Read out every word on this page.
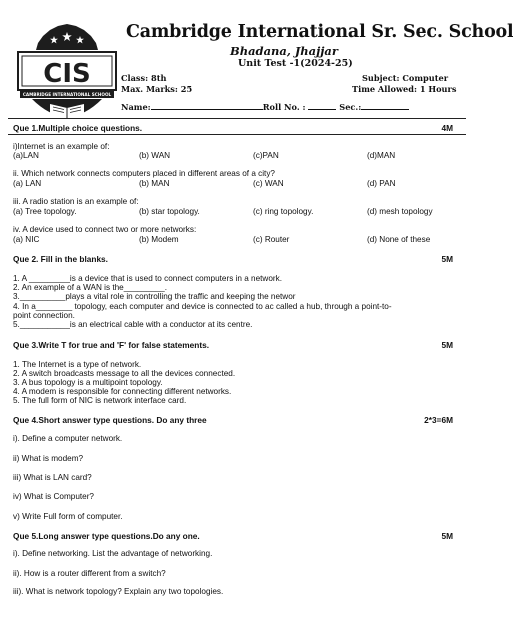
CIS
CAMBRIDGE INTERNATIONAL SCHOOL
Cambridge International Sr. Sec. School
Bhadana, Jhajjar
Unit Test -1(2024-25)
Class: 8th
Max. Marks: 25
Subject: Computer
Time Allowed: 1 Hours
Name:	Roll No. :	Sec.:
Que 1.Multiple choice questions.	4M
i)Internet is an example of:
(a)LAN	(b) WAN	(c)PAN	(d)MAN
ii. Which network connects computers placed in different areas of a city?
(a) LAN	(b) MAN	(c) WAN	(d) PAN
iii. A radio station is an example of:
(a) Tree topology.	(b) star topology.	(c) ring topology.	(d) mesh topology
iv. A device used to connect two or more networks:
(a) NIC	(b) Modem	(c) Router	(d) None of these
Que 2. Fill in the blanks.	5M
1. A _________is a device that is used to connect computers in a network.
2. An example of a WAN is the_________.
3.__________plays a vital role in controlling the traffic and keeping the networ
4. In a________ topology, each computer and device is connected to ac called a hub, through a point-to-
point connection.
5.___________is an electrical cable with a conductor at its centre.
Que 3.Write T for true and 'F' for false statements.	5M
1. The Internet is a type of network.
2. A switch broadcasts message to all the devices connected.
3. A bus topology is a multipoint topology.
4. A modem is responsible for connecting different networks.
5. The full form of NIC is network interface card.
Que 4.Short answer type questions. Do any three	2*3=6M
i). Define a computer network.
ii) What is modem?
iii) What is LAN card?
iv) What is Computer?
v) Write Full form of computer.
Que 5.Long answer type questions.Do any one.	5M
i). Define networking. List the advantage of networking.
ii). How is a router different from a switch?
iii). What is network topology? Explain any two topologies.
